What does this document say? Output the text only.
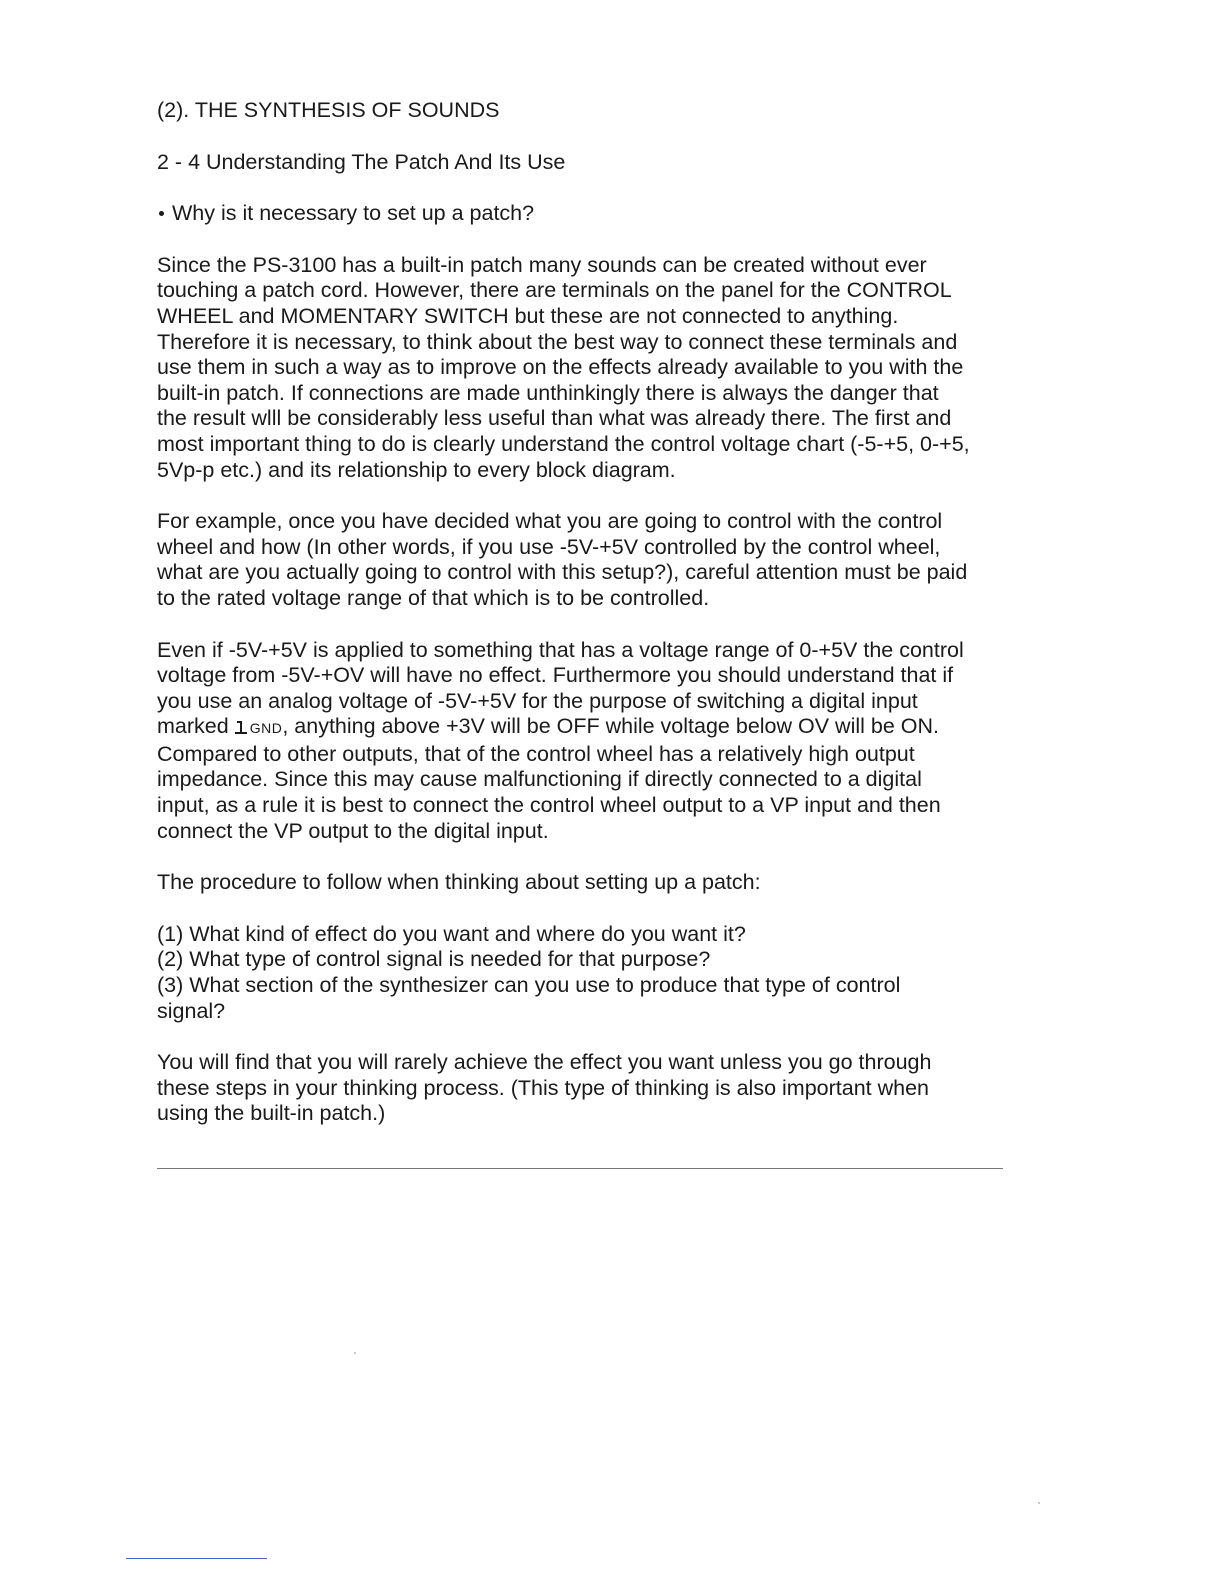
(2). THE SYNTHESIS OF SOUNDS
2 - 4 Understanding The Patch And Its Use
Why is it necessary to set up a patch?
Since the PS-3100 has a built-in patch many sounds can be created without ever
touching a patch cord. However, there are terminals on the panel for the CONTROL
WHEEL and MOMENTARY SWITCH but these are not connected to anything.
Therefore it is necessary, to think about the best way to connect these terminals and
use them in such a way as to improve on the effects already available to you with the
built-in patch. If connections are made unthinkingly there is always the danger that
the result wlll be considerably less useful than what was already there. The first and
most important thing to do is clearly understand the control voltage chart (-5-+5, 0-+5,
5Vp-p etc.) and its relationship to every block diagram.
For example, once you have decided what you are going to control with the control
wheel and how (In other words, if you use -5V-+5V controlled by the control wheel,
what are you actually going to control with this setup?), careful attention must be paid
to the rated voltage range of that which is to be controlled.
Even if -5V-+5V is applied to something that has a voltage range of 0-+5V the control
voltage from -5V-+OV will have no effect. Furthermore you should understand that if
you use an analog voltage of -5V-+5V for the purpose of switching a digital input
marked GND, anything above +3V will be OFF while voltage below OV will be ON.
Compared to other outputs, that of the control wheel has a relatively high output
impedance. Since this may cause malfunctioning if directly connected to a digital
input, as a rule it is best to connect the control wheel output to a VP input and then
connect the VP output to the digital input.
The procedure to follow when thinking about setting up a patch:
(1) What kind of effect do you want and where do you want it?
(2) What type of control signal is needed for that purpose?
(3) What section of the synthesizer can you use to produce that type of control
signal?
You will find that you will rarely achieve the effect you want unless you go through
these steps in your thinking process. (This type of thinking is also important when
using the built-in patch.)
